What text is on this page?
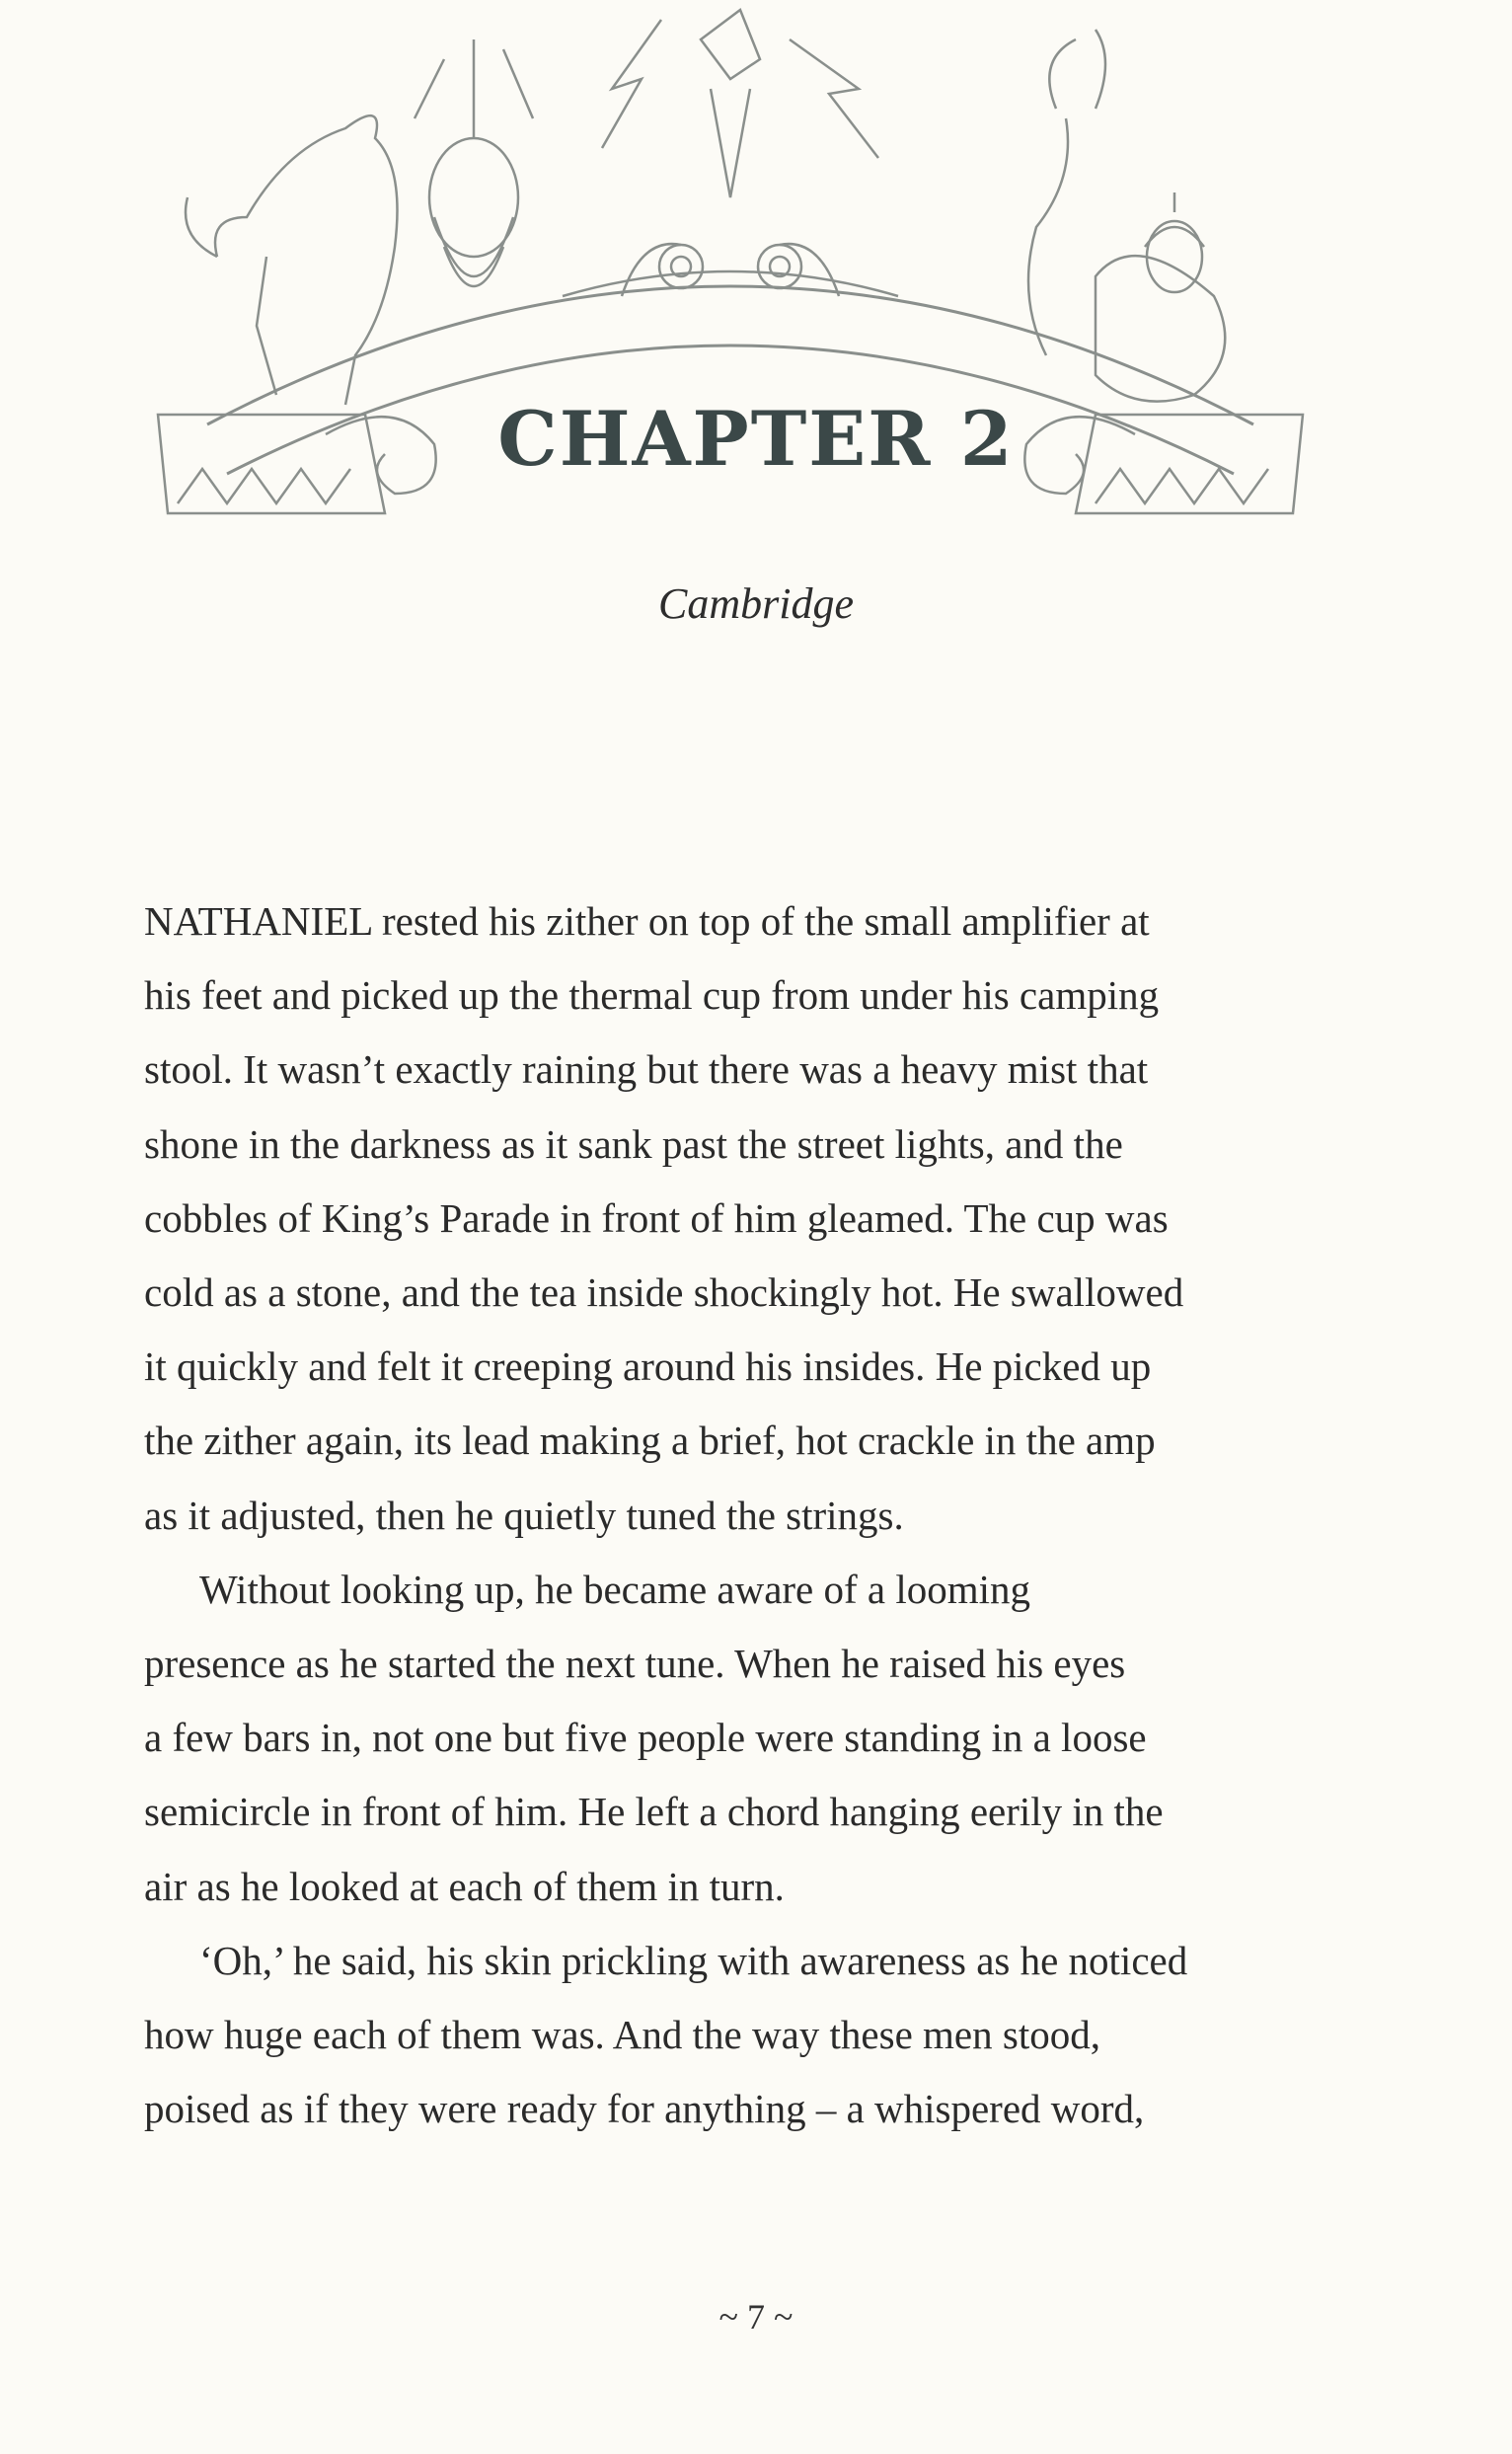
CHAPTER 2
Cambridge
NATHANIEL rested his zither on top of the small amplifier at
his feet and picked up the thermal cup from under his camping
stool. It wasn’t exactly raining but there was a heavy mist that
shone in the darkness as it sank past the street lights, and the
cobbles of King’s Parade in front of him gleamed. The cup was
cold as a stone, and the tea inside shockingly hot. He swallowed
it quickly and felt it creeping around his insides. He picked up
the zither again, its lead making a brief, hot crackle in the amp
as it adjusted, then he quietly tuned the strings.
Without looking up, he became aware of a looming
presence as he started the next tune. When he raised his eyes
a few bars in, not one but five people were standing in a loose
semicircle in front of him. He left a chord hanging eerily in the
air as he looked at each of them in turn.
‘Oh,’ he said, his skin prickling with awareness as he noticed
how huge each of them was. And the way these men stood,
poised as if they were ready for anything – a whispered word,
~ 7 ~
